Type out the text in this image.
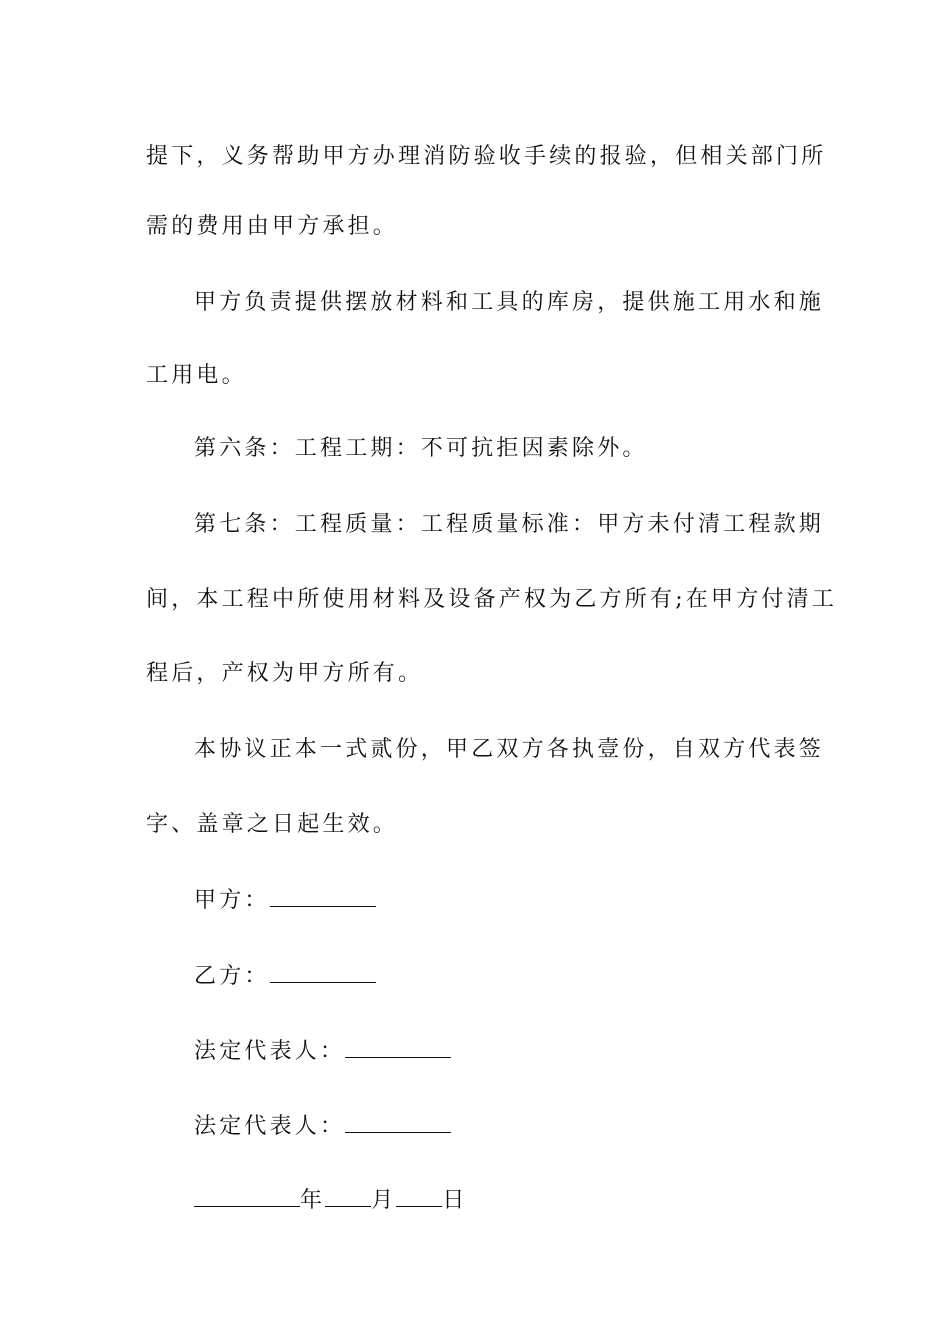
提下，义务帮助甲方办理消防验收手续的报验，但相关部门所
需的费用由甲方承担。
甲方负责提供摆放材料和工具的库房，提供施工用水和施
工用电。
第六条：工程工期：不可抗拒因素除外。
第七条：工程质量：工程质量标准：甲方未付清工程款期
间，本工程中所使用材料及设备产权为乙方所有;在甲方付清工
程后，产权为甲方所有。
本协议正本一式贰份，甲乙双方各执壹份，自双方代表签
字、盖章之日起生效。
甲方：
乙方：
法定代表人：
法定代表人：
年 月 日
